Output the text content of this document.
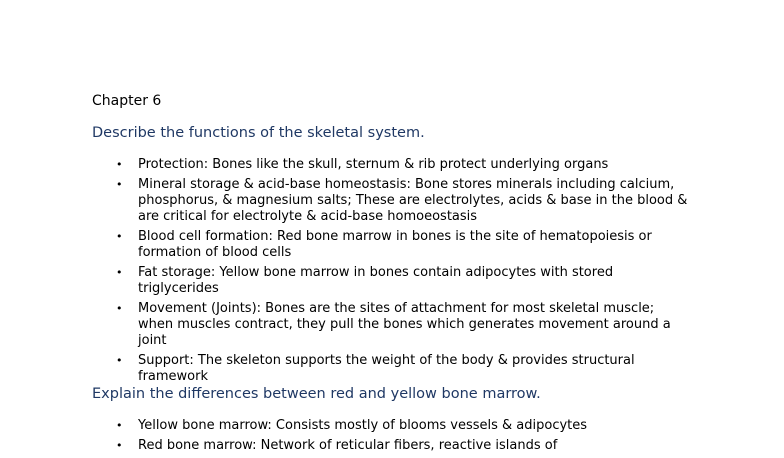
Chapter 6

Describe the functions of the skeletal system.
• Protection: Bones like the skull, sternum & rib protect underlying organs
• Mineral storage & acid-base homeostasis: Bone stores minerals including calcium, phosphorus, & magnesium salts; These are electrolytes, acids & base in the blood & are critical for electrolyte & acid-base homoeostasis
• Blood cell formation: Red bone marrow in bones is the site of hematopoiesis or formation of blood cells
• Fat storage: Yellow bone marrow in bones contain adipocytes with stored triglycerides
• Movement (Joints): Bones are the sites of attachment for most skeletal muscle; when muscles contract, they pull the bones which generates movement around a joint
• Support: The skeleton supports the weight of the body & provides structural framework
Explain the differences between red and yellow bone marrow.
• Yellow bone marrow: Consists mostly of blooms vessels & adipocytes
• Red bone marrow: Network of reticular fibers, reactive islands of
